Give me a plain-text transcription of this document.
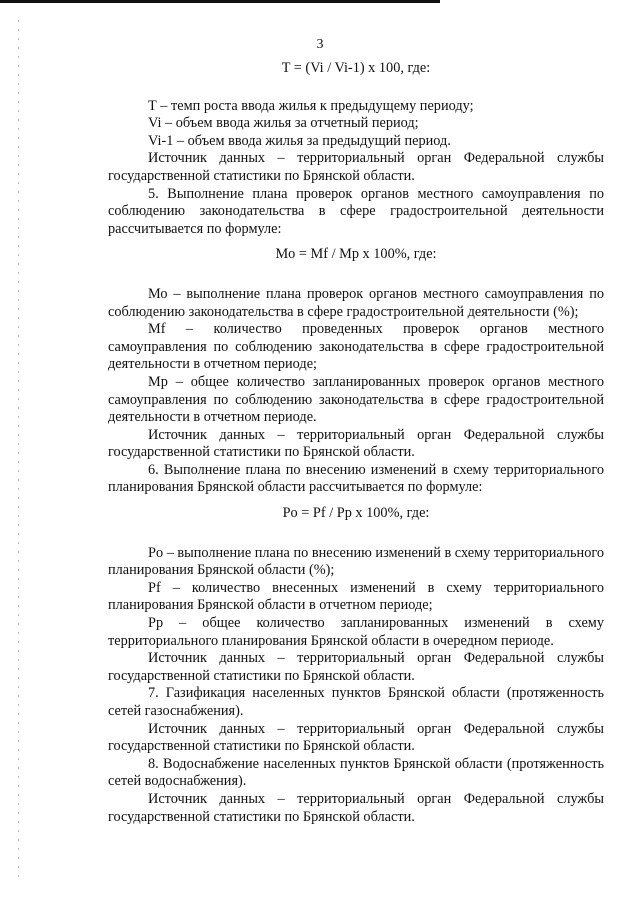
3

T = (Vi / Vi-1) x 100, где:

Т – темп роста ввода жилья к предыдущему периоду;

Vi – объем ввода жилья за отчетный период;

Vi-1 – объем ввода жилья за предыдущий период.

Источник данных – территориальный орган Федеральной службы государственной статистики по Брянской области.

5. Выполнение плана проверок органов местного самоуправления по соблюдению законодательства в сфере градостроительной деятельности рассчитывается по формуле:

Mo = Mf / Mp x 100%, где:

Мо – выполнение плана проверок органов местного самоуправления по соблюдению законодательства в сфере градостроительной деятельности (%);

Mf – количество проведенных проверок органов местного самоуправления по соблюдению законодательства в сфере градостроительной деятельности в отчетном периоде;

Mp – общее количество запланированных проверок органов местного самоуправления по соблюдению законодательства в сфере градостроительной деятельности в отчетном периоде.

Источник данных – территориальный орган Федеральной службы государственной статистики по Брянской области.

6. Выполнение плана по внесению изменений в схему территориального планирования Брянской области рассчитывается по формуле:

Po = Pf / Pp x 100%, где:

Po – выполнение плана по внесению изменений в схему территориального планирования Брянской области (%);

Pf – количество внесенных изменений в схему территориального планирования Брянской области в отчетном периоде;

Pp – общее количество запланированных изменений в схему территориального планирования Брянской области в очередном периоде.

Источник данных – территориальный орган Федеральной службы государственной статистики по Брянской области.

7. Газификация населенных пунктов Брянской области (протяженность сетей газоснабжения).

Источник данных – территориальный орган Федеральной службы государственной статистики по Брянской области.

8. Водоснабжение населенных пунктов Брянской области (протяженность сетей водоснабжения).

Источник данных – территориальный орган Федеральной службы государственной статистики по Брянской области.
